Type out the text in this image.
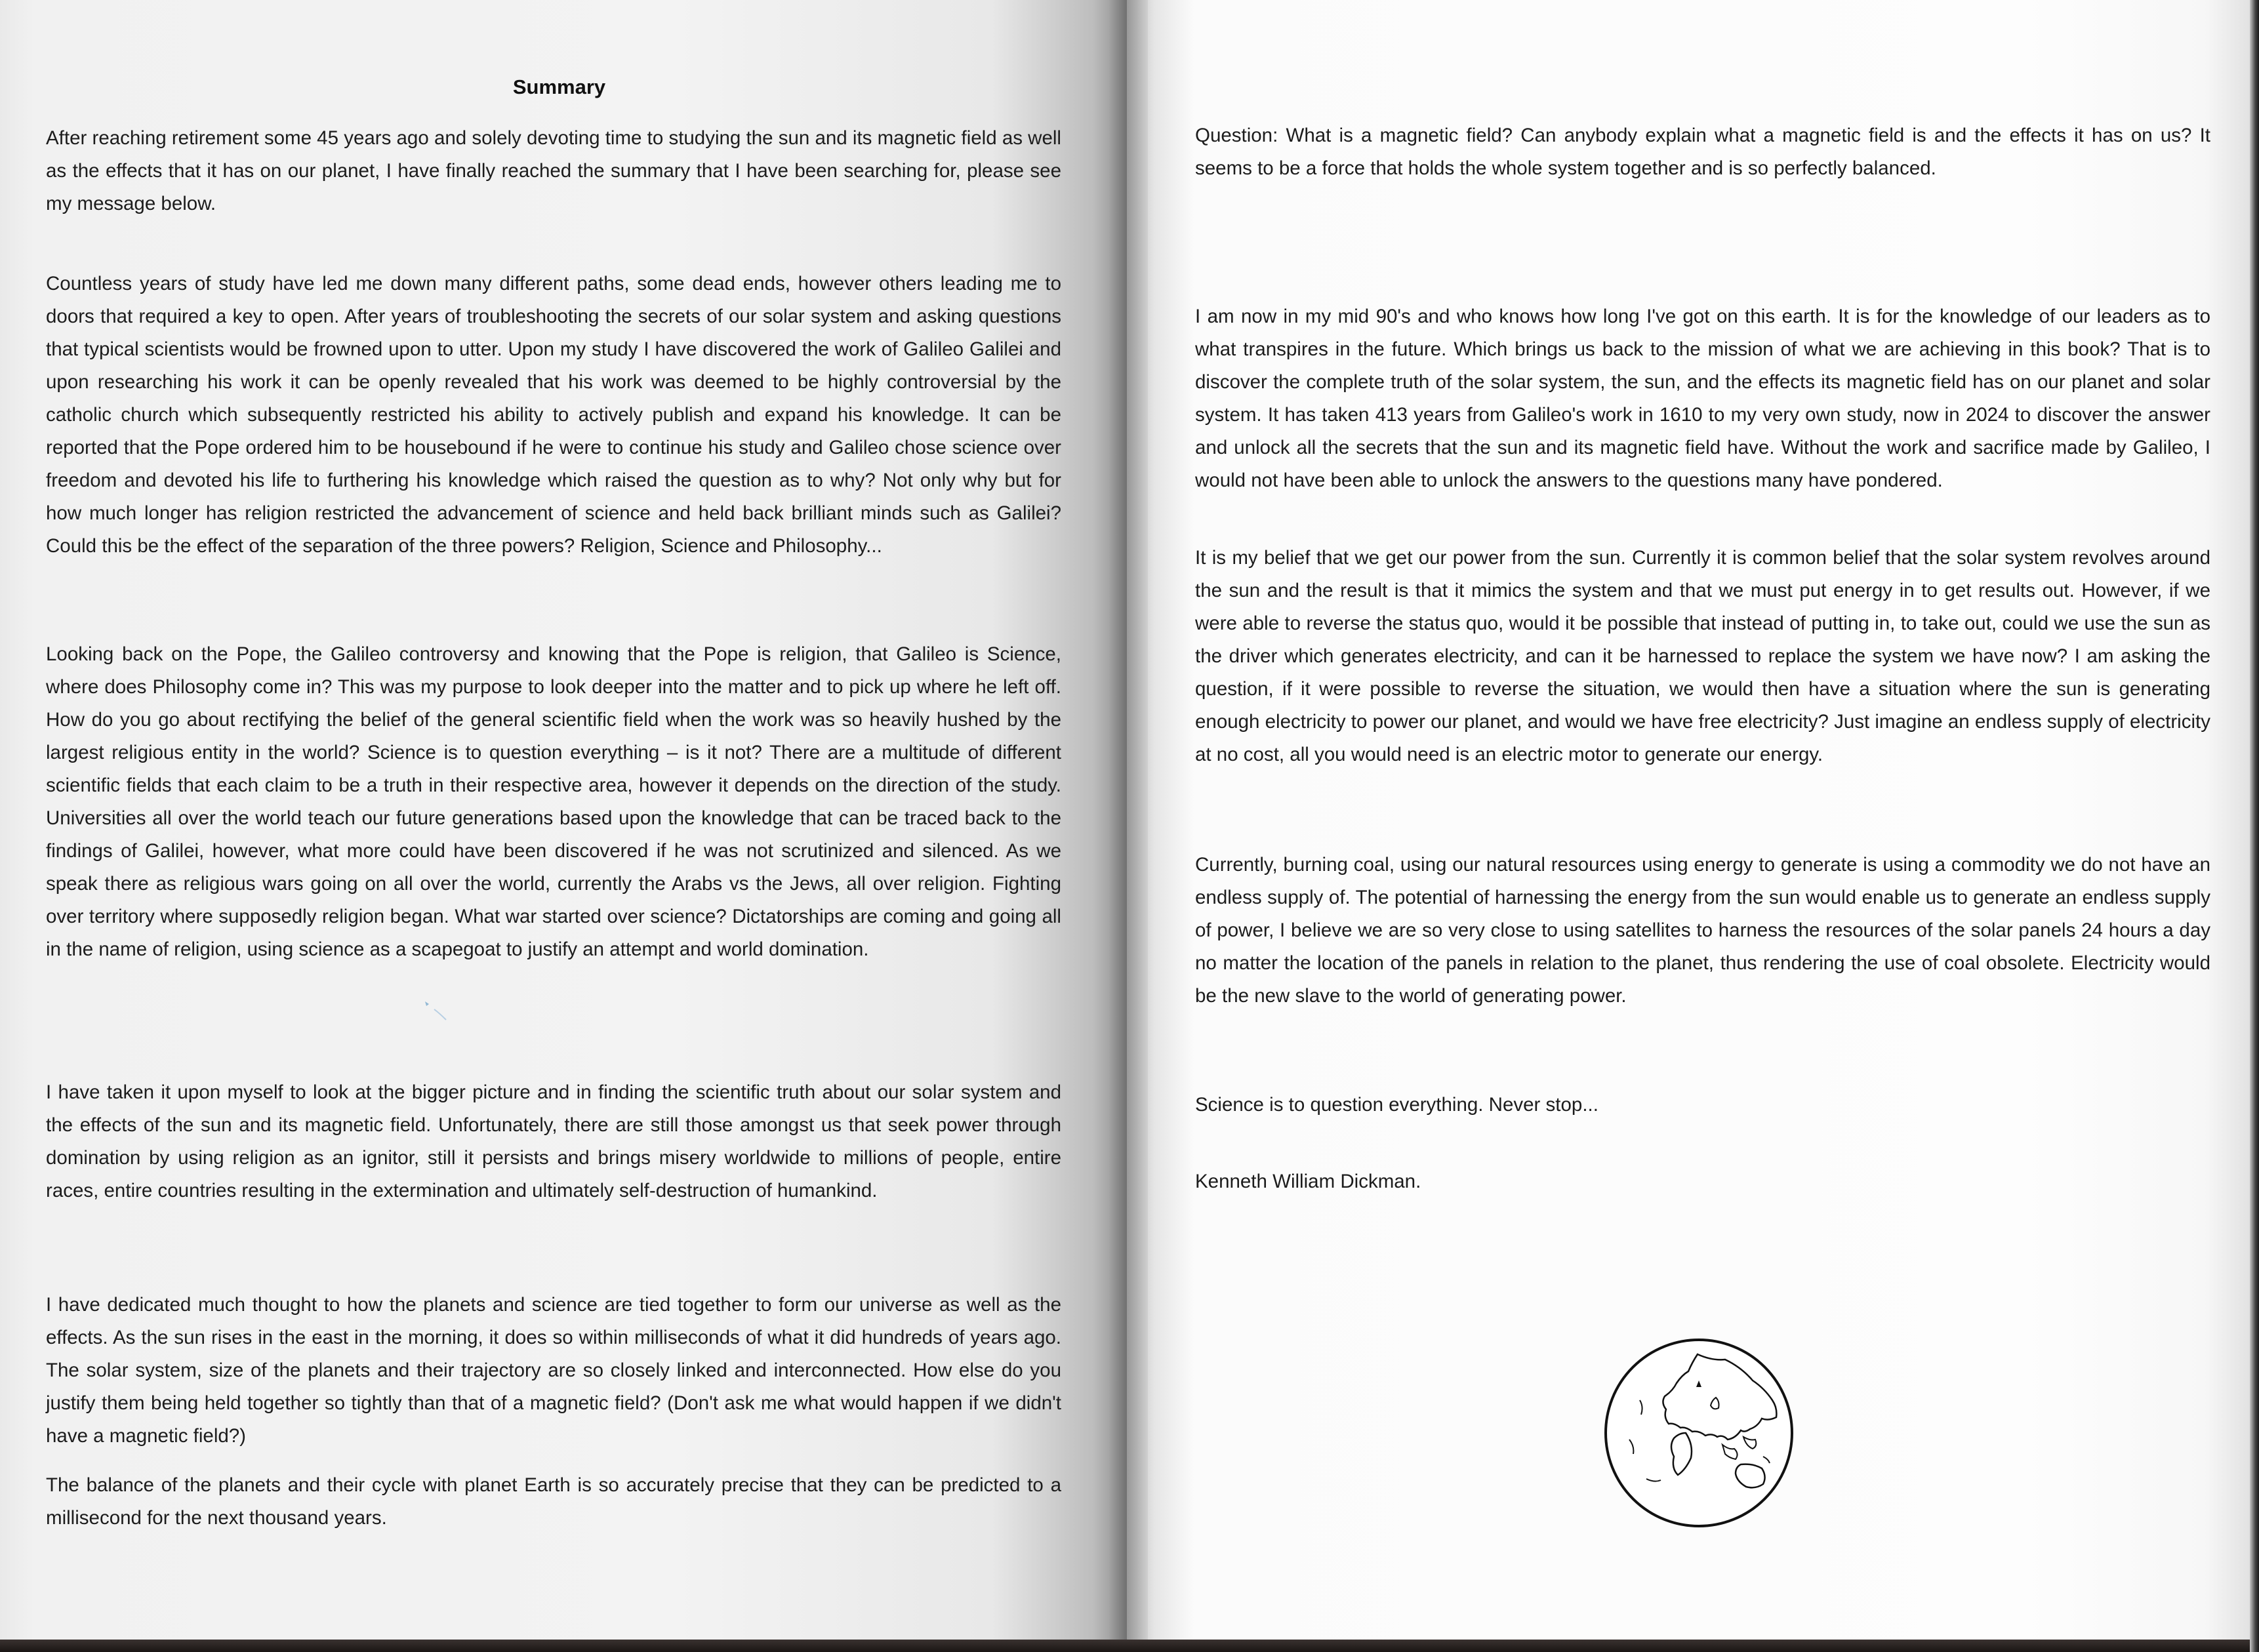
Summary

After reaching retirement some 45 years ago and solely devoting time to studying the sun and its magnetic field as well as the effects that it has on our planet, I have finally reached the summary that I have been searching for, please see my message below.

Countless years of study have led me down many different paths, some dead ends, however others leading me to doors that required a key to open. After years of troubleshooting the secrets of our solar system and asking questions that typical scientists would be frowned upon to utter. Upon my study I have discovered the work of Galileo Galilei and upon researching his work it can be openly revealed that his work was deemed to be highly controversial by the catholic church which subsequently restricted his ability to actively publish and expand his knowledge. It can be reported that the Pope ordered him to be housebound if he were to continue his study and Galileo chose science over freedom and devoted his life to furthering his knowledge which raised the question as to why? Not only why but for how much longer has religion restricted the advancement of science and held back brilliant minds such as Galilei? Could this be the effect of the separation of the three powers? Religion, Science and Philosophy...

Looking back on the Pope, the Galileo controversy and knowing that the Pope is religion, that Galileo is Science, where does Philosophy come in? This was my purpose to look deeper into the matter and to pick up where he left off. How do you go about rectifying the belief of the general scientific field when the work was so heavily hushed by the largest religious entity in the world? Science is to question everything – is it not? There are a multitude of different scientific fields that each claim to be a truth in their respective area, however it depends on the direction of the study. Universities all over the world teach our future generations based upon the knowledge that can be traced back to the findings of Galilei, however, what more could have been discovered if he was not scrutinized and silenced. As we speak there as religious wars going on all over the world, currently the Arabs vs the Jews, all over religion. Fighting over territory where supposedly religion began. What war started over science? Dictatorships are coming and going all in the name of religion, using science as a scapegoat to justify an attempt and world domination.

I have taken it upon myself to look at the bigger picture and in finding the scientific truth about our solar system and the effects of the sun and its magnetic field. Unfortunately, there are still those amongst us that seek power through domination by using religion as an ignitor, still it persists and brings misery worldwide to millions of people, entire races, entire countries resulting in the extermination and ultimately self-destruction of humankind.

I have dedicated much thought to how the planets and science are tied together to form our universe as well as the effects. As the sun rises in the east in the morning, it does so within milliseconds of what it did hundreds of years ago. The solar system, size of the planets and their trajectory are so closely linked and interconnected. How else do you justify them being held together so tightly than that of a magnetic field? (Don't ask me what would happen if we didn't have a magnetic field?)

The balance of the planets and their cycle with planet Earth is so accurately precise that they can be predicted to a millisecond for the next thousand years.

Question: What is a magnetic field? Can anybody explain what a magnetic field is and the effects it has on us? It seems to be a force that holds the whole system together and is so perfectly balanced.

I am now in my mid 90's and who knows how long I've got on this earth. It is for the knowledge of our leaders as to what transpires in the future. Which brings us back to the mission of what we are achieving in this book? That is to discover the complete truth of the solar system, the sun, and the effects its magnetic field has on our planet and solar system. It has taken 413 years from Galileo's work in 1610 to my very own study, now in 2024 to discover the answer and unlock all the secrets that the sun and its magnetic field have. Without the work and sacrifice made by Galileo, I would not have been able to unlock the answers to the questions many have pondered.

It is my belief that we get our power from the sun. Currently it is common belief that the solar system revolves around the sun and the result is that it mimics the system and that we must put energy in to get results out. However, if we were able to reverse the status quo, would it be possible that instead of putting in, to take out, could we use the sun as the driver which generates electricity, and can it be harnessed to replace the system we have now? I am asking the question, if it were possible to reverse the situation, we would then have a situation where the sun is generating enough electricity to power our planet, and would we have free electricity? Just imagine an endless supply of electricity at no cost, all you would need is an electric motor to generate our energy.

Currently, burning coal, using our natural resources using energy to generate is using a commodity we do not have an endless supply of. The potential of harnessing the energy from the sun would enable us to generate an endless supply of power, I believe we are so very close to using satellites to harness the resources of the solar panels 24 hours a day no matter the location of the panels in relation to the planet, thus rendering the use of coal obsolete. Electricity would be the new slave to the world of generating power.

Science is to question everything. Never stop...

Kenneth William Dickman.
